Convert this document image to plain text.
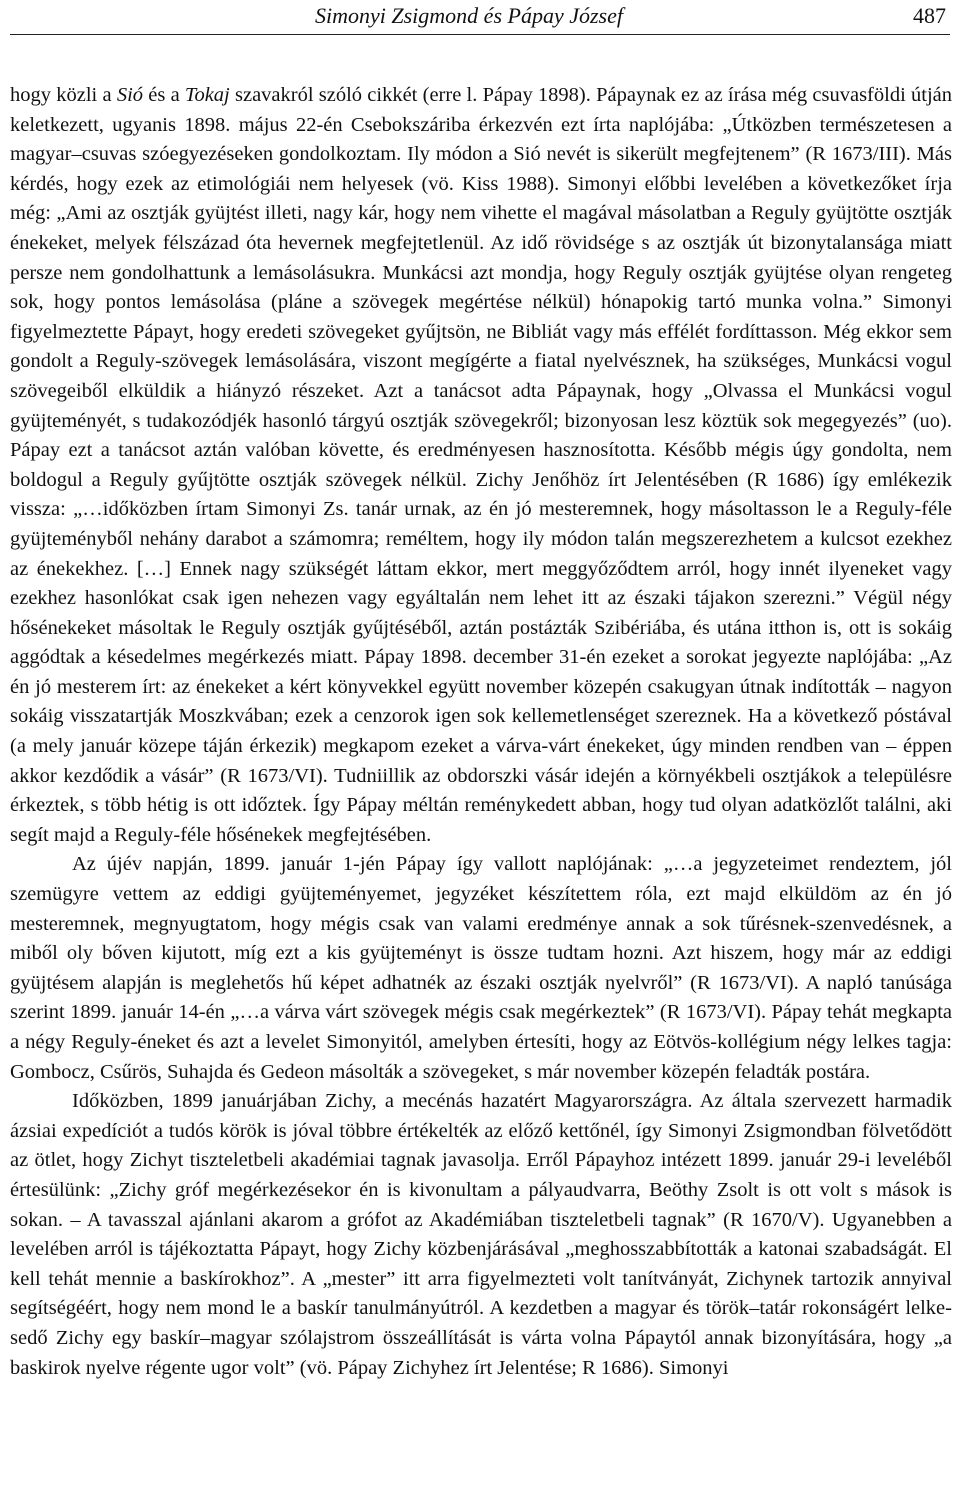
Simonyi Zsigmond és Pápay József	487

hogy közli a Sió és a Tokaj szavakról szóló cikkét (erre l. Pápay 1898). Pápaynak ez az írása még csuvasföldi útján keletkezett, ugyanis 1898. május 22-én Csebokszáriba érkezvén ezt írta naplójába: „Útközben természetesen a magyar–csuvas szóegyezéseken gondolkoztam. Ily módon a Sió nevét is sikerült megfejtenem” (R 1673/III). Más kérdés, hogy ezek az etimológiái nem helyesek (vö. Kiss 1988). Simonyi előbbi levelében a következőket írja még: „Ami az osztják gyüjtést illeti, nagy kár, hogy nem vihette el magával másolatban a Reguly gyüjtötte osztják énekeket, melyek félszázad óta hevernek megfejtetlenül. Az idő rövidsége s az osztják út bizonytalansága miatt persze nem gondolhattunk a lemásolásukra. Munkácsi azt mondja, hogy Reguly osztják gyüjtése olyan rengeteg sok, hogy pontos lemásolása (pláne a szövegek megértése nélkül) hónapokig tartó munka volna.” Simonyi figyelmeztette Pápayt, hogy eredeti szövegeket gyűjtsön, ne Bibliát vagy más effélét fordíttasson. Még ekkor sem gondolt a Reguly-szövegek lemásolására, viszont megígérte a fiatal nyelvésznek, ha szükséges, Munkácsi vogul szövegeiből elküldik a hiányzó részeket. Azt a tanácsot adta Pápaynak, hogy „Olvassa el Munkácsi vogul gyüjteményét, s tudakozódjék hasonló tárgyú osztják szövegekről; bizonyosan lesz köztük sok megegyezés” (uo). Pápay ezt a tanácsot aztán valóban követte, és eredményesen hasznosította. Később mégis úgy gondolta, nem boldogul a Reguly gyűjtötte osztják szövegek nélkül. Zichy Jenőhöz írt Jelentésében (R 1686) így emlékezik vissza: „…időközben írtam Simonyi Zs. tanár urnak, az én jó mesteremnek, hogy másoltasson le a Reguly-féle gyüjteményből nehány darabot a számomra; reméltem, hogy ily módon talán megszerezhetem a kulcsot ezekhez az énekekhez. […] Ennek nagy szükségét láttam ekkor, mert meggyőződtem arról, hogy innét ilyeneket vagy ezekhez hasonlókat csak igen nehezen vagy egyáltalán nem lehet itt az északi tájakon szerezni.” Végül négy hősénekeket másoltak le Reguly osztják gyűjtéséből, aztán postázták Szibériába, és utána itthon is, ott is sokáig aggódtak a késedelmes megérkezés miatt. Pápay 1898. december 31-én ezeket a sorokat jegyezte naplójába: „Az én jó mesterem írt: az énekeket a kért könyvekkel együtt november közepén csakugyan útnak indították – nagyon sokáig visszatartják Moszkvában; ezek a cenzorok igen sok kellemetlenséget szereznek. Ha a következő póstával (a mely január közepe táján érkezik) megkapom ezeket a várva-várt énekeket, úgy minden rendben van – éppen akkor kezdődik a vásár” (R 1673/VI). Tudniillik az obdorszki vásár idején a környékbeli osztjákok a településre érkeztek, s több hétig is ott időztek. Így Pápay méltán reménykedett abban, hogy tud olyan adatközlőt találni, aki segít majd a Reguly-féle hősénekek megfejtésében.

Az újév napján, 1899. január 1-jén Pápay így vallott naplójának: „…a jegyzeteimet rendeztem, jól szemügyre vettem az eddigi gyüjteményemet, jegyzéket készítettem róla, ezt majd elküldöm az én jó mesteremnek, megnyugtatom, hogy mégis csak van valami eredménye annak a sok tűrésnek-szenvedésnek, a miből oly bőven kijutott, míg ezt a kis gyüjteményt is össze tudtam hozni. Azt hiszem, hogy már az eddigi gyüjtésem alapján is meglehetős hű képet adhatnék az északi osztják nyelvről” (R 1673/VI). A napló tanúsága szerint 1899. január 14-én „…a várva várt szövegek mégis csak megérkeztek” (R 1673/VI). Pápay tehát megkapta a négy Reguly-éneket és azt a levelet Simonyitól, amelyben értesíti, hogy az Eötvös-kollégium négy lelkes tagja: Gombocz, Csűrös, Suhajda és Gedeon másolták a szövegeket, s már november közepén feladták postára.

Időközben, 1899 januárjában Zichy, a mecénás hazatért Magyarországra. Az általa szervezett harmadik ázsiai expedíciót a tudós körök is jóval többre értékelték az előző kettőnél, így Simonyi Zsigmondban fölvetődött az ötlet, hogy Zichyt tiszteletbeli akadémiai tagnak javasolja. Erről Pápayhoz intézett 1899. január 29-i leveléből értesülünk: „Zichy gróf megérkezésekor én is kivonultam a pályaudvarra, Beöthy Zsolt is ott volt s mások is sokan. – A tavasszal ajánlani akarom a grófot az Akadémiában tiszteletbeli tagnak” (R 1670/V). Ugyanebben a levelében arról is tájékoztatta Pápayt, hogy Zichy közbenjárásával „meghosszabbították a katonai szabadságát. El kell tehát mennie a baskírokhoz”. A „mester” itt arra figyelmezteti volt tanítványát, Zichynek tartozik annyival segítségéért, hogy nem mond le a baskír tanulmányútról. A kezdetben a magyar és török–tatár rokonságért lelkesedő Zichy egy baskír–magyar szólajstrom összeállítását is várta volna Pápaytól annak bizonyítására, hogy „a baskirok nyelve régente ugor volt” (vö. Pápay Zichyhez írt Jelentése; R 1686). Simonyi
